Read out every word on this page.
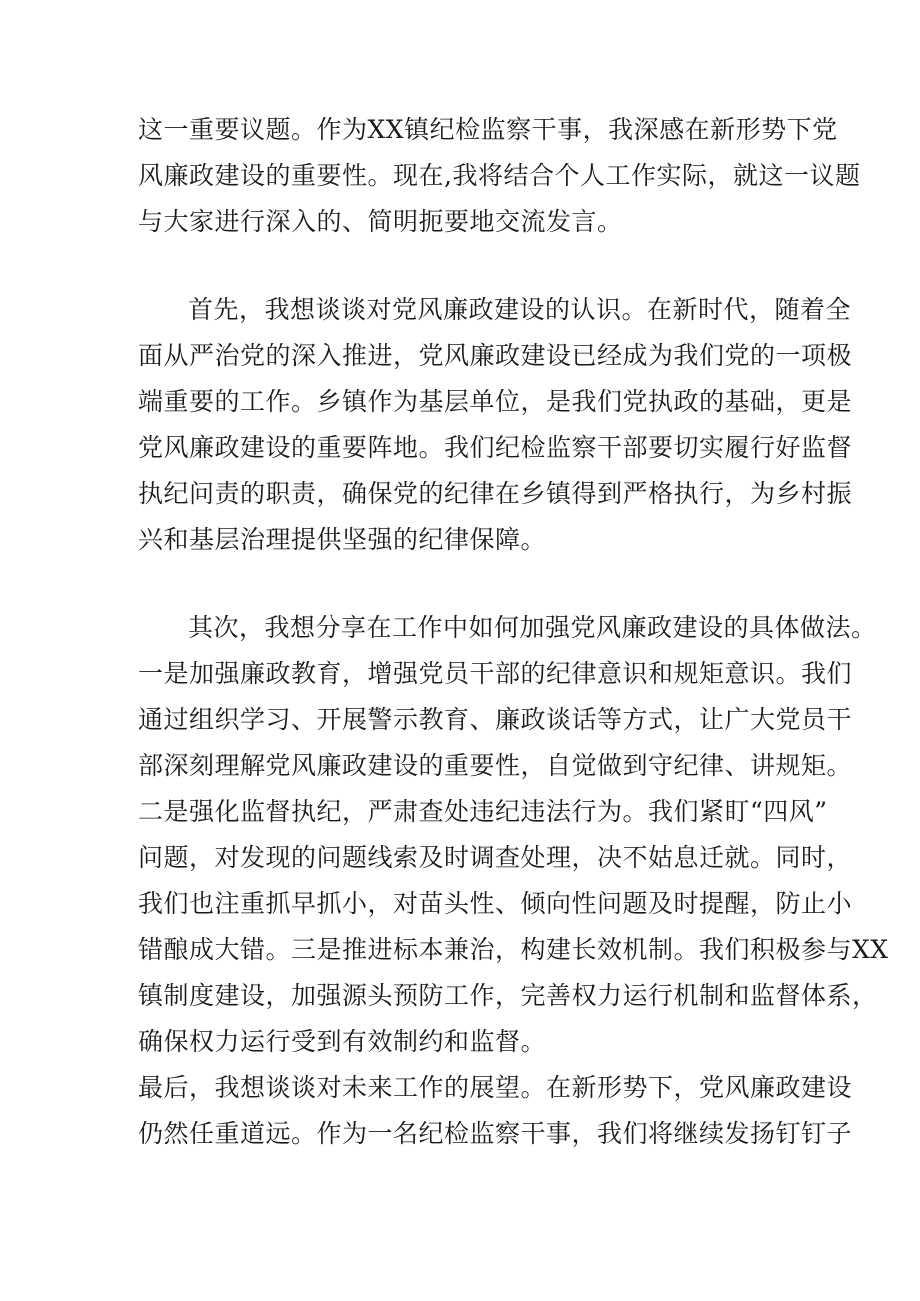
这一重要议题。作为XX镇纪检监察干事，我深感在新形势下党
风廉政建设的重要性。现在,我将结合个人工作实际，就这一议题
与大家进行深入的、简明扼要地交流发言。
首先，我想谈谈对党风廉政建设的认识。在新时代，随着全
面从严治党的深入推进，党风廉政建设已经成为我们党的一项极
端重要的工作。乡镇作为基层单位，是我们党执政的基础，更是
党风廉政建设的重要阵地。我们纪检监察干部要切实履行好监督
执纪问责的职责，确保党的纪律在乡镇得到严格执行，为乡村振
兴和基层治理提供坚强的纪律保障。
其次，我想分享在工作中如何加强党风廉政建设的具体做法。
一是加强廉政教育，增强党员干部的纪律意识和规矩意识。我们
通过组织学习、开展警示教育、廉政谈话等方式，让广大党员干
部深刻理解党风廉政建设的重要性，自觉做到守纪律、讲规矩。
二是强化监督执纪，严肃查处违纪违法行为。我们紧盯“四风”
问题，对发现的问题线索及时调查处理，决不姑息迁就。同时，
我们也注重抓早抓小，对苗头性、倾向性问题及时提醒，防止小
错酿成大错。三是推进标本兼治，构建长效机制。我们积极参与XX
镇制度建设，加强源头预防工作，完善权力运行机制和监督体系，
确保权力运行受到有效制约和监督。
最后，我想谈谈对未来工作的展望。在新形势下，党风廉政建设
仍然任重道远。作为一名纪检监察干事，我们将继续发扬钉钉子
